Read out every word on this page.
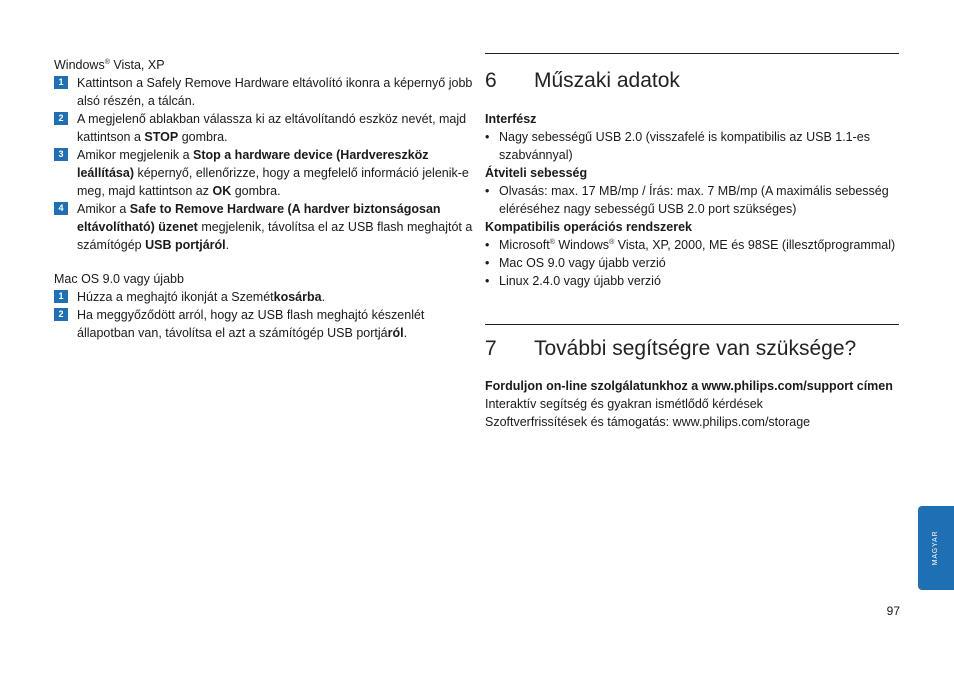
Windows® Vista, XP
1	Kattintson a Safely Remove Hardware eltávolító ikonra a képernyő jobb alsó részén, a tálcán.
2	A megjelenő ablakban válassza ki az eltávolítandó eszköz nevét, majd kattintson a STOP gombra.
3	Amikor megjelenik a Stop a hardware device (Hardvereszköz leállítása) képernyő, ellenőrizze, hogy a megfelelő információ jelenik-e meg, majd kattintson az OK gombra.
4	Amikor a Safe to Remove Hardware (A hardver biztonságosan eltávolítható) üzenet megjelenik, távolítsa el az USB flash meghajtót a számítógép USB portjáról.
Mac OS 9.0 vagy újabb
1	Húzza a meghajtó ikonját a Szemétkosárba.
2	Ha meggyőződött arról, hogy az USB flash meghajtó készenlét állapotban van, távolítsa el azt a számítógép USB portjáról.
6	Műszaki adatok
Interfész
• Nagy sebességű USB 2.0 (visszafelé is kompatibilis az USB 1.1-es szabvánnyal)
Átviteli sebesség
• Olvasás: max. 17 MB/mp / Írás: max. 7 MB/mp (A maximális sebesség eléréséhez nagy sebességű USB 2.0 port szükséges)
Kompatibilis operációs rendszerek
• Microsoft® Windows® Vista, XP, 2000, ME és 98SE (illesztőprogrammal)
• Mac OS 9.0 vagy újabb verzió
• Linux 2.4.0 vagy újabb verzió
7	További segítségre van szüksége?
Forduljon on-line szolgálatunkhoz a www.philips.com/support címen
Interaktív segítség és gyakran ismétlődő kérdések
Szoftverfrissítések és támogatás: www.philips.com/storage
MAGYAR
97
